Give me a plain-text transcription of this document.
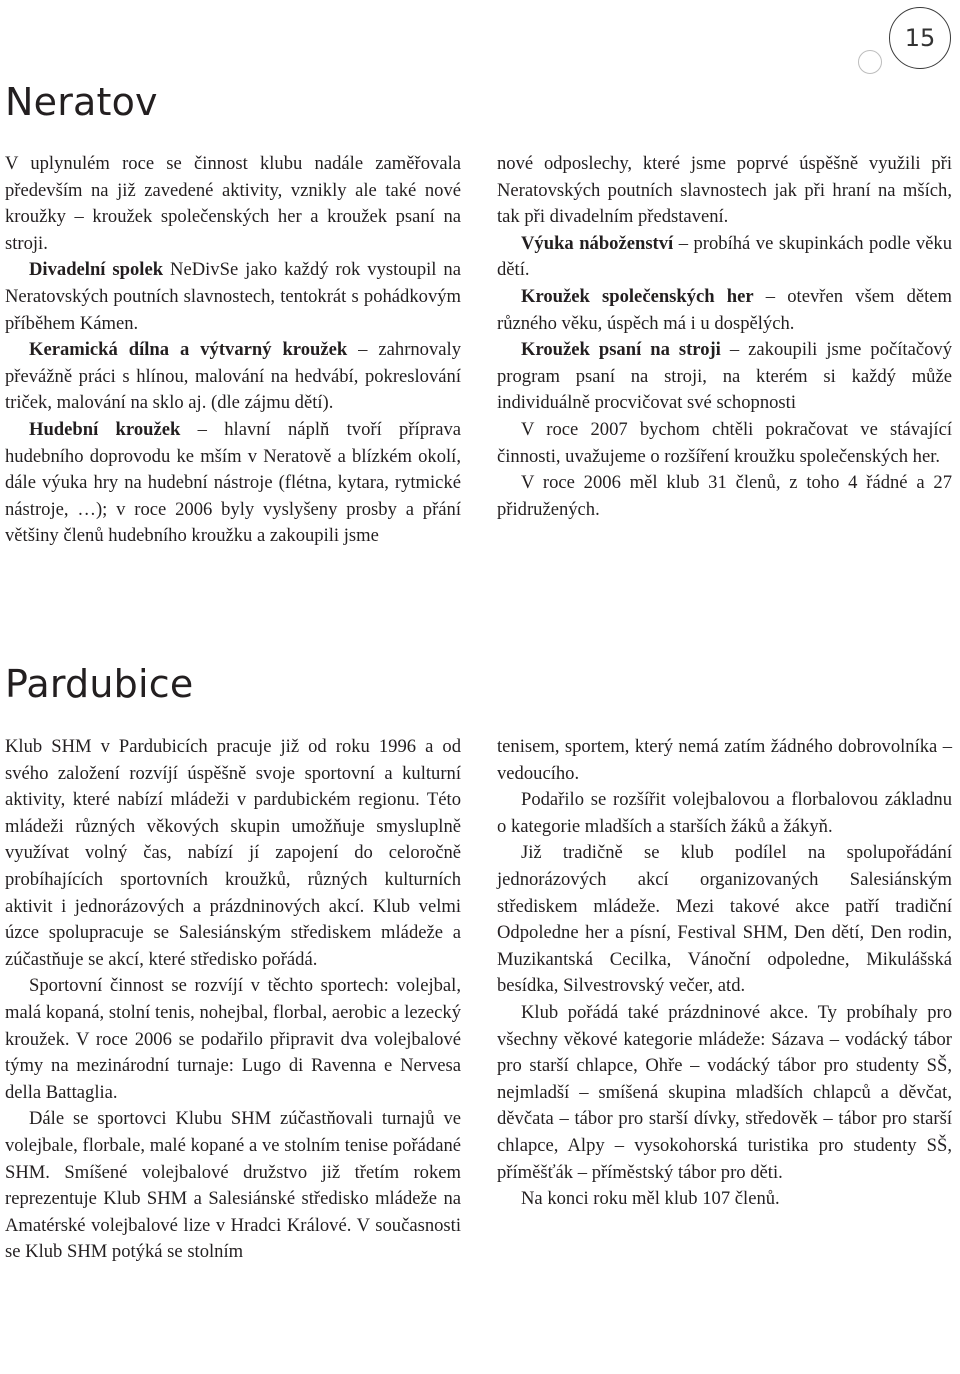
15
Neratov

V uplynulém roce se činnost klubu nadále zaměřovala především na již zavedené aktivity, vznikly ale také nové kroužky – kroužek společenských her a kroužek psaní na stroji.

Divadelní spolek NeDivSe jako každý rok vystoupil na Neratovských poutních slavnostech, tentokrát s pohádkovým příběhem Kámen.

Keramická dílna a výtvarný kroužek – zahrnovaly převážně práci s hlínou, malování na hedvábí, pokreslování triček, malování na sklo aj. (dle zájmu dětí).

Hudební kroužek – hlavní náplň tvoří příprava hudebního doprovodu ke mším v Neratově a blízkém okolí, dále výuka hry na hudební nástroje (flétna, kytara, rytmické nástroje, …); v roce 2006 byly vyslyšeny prosby a přání většiny členů hudebního kroužku a zakoupili jsme

nové odposlechy, které jsme poprvé úspěšně využili při Neratovských poutních slavnostech jak při hraní na mších, tak při divadelním představení.

Výuka náboženství – probíhá ve skupinkách podle věku dětí.

Kroužek společenských her – otevřen všem dětem různého věku, úspěch má i u dospělých.

Kroužek psaní na stroji – zakoupili jsme počítačový program psaní na stroji, na kterém si každý může individuálně procvičovat své schopnosti

V roce 2007 bychom chtěli pokračovat ve stávající činnosti, uvažujeme o rozšíření kroužku společenských her.

V roce 2006 měl klub 31 členů, z toho 4 řádné a 27 přidružených.

Pardubice

Klub SHM v Pardubicích pracuje již od roku 1996 a od svého založení rozvíjí úspěšně svoje sportovní a kulturní aktivity, které nabízí mládeži v pardubickém regionu. Této mládeži různých věkových skupin umožňuje smysluplně využívat volný čas, nabízí jí zapojení do celoročně probíhajících sportovních kroužků, různých kulturních aktivit i jednorázových a prázdninových akcí. Klub velmi úzce spolupracuje se Salesiánským střediskem mládeže a zúčastňuje se akcí, které středisko pořádá.

Sportovní činnost se rozvíjí v těchto sportech: volejbal, malá kopaná, stolní tenis, nohejbal, florbal, aerobic a lezecký kroužek. V roce 2006 se podařilo připravit dva volejbalové týmy na mezinárodní turnaje: Lugo di Ravenna e Nervesa della Battaglia.

Dále se sportovci Klubu SHM zúčastňovali turnajů ve volejbale, florbale, malé kopané a ve stolním tenise pořádané SHM. Smíšené volejbalové družstvo již třetím rokem reprezentuje Klub SHM a Salesiánské středisko mládeže na Amatérské volejbalové lize v Hradci Králové. V současnosti se Klub SHM potýká se stolním

tenisem, sportem, který nemá zatím žádného dobrovolníka – vedoucího.

Podařilo se rozšířit volejbalovou a florbalovou základnu o kategorie mladších a starších žáků a žákyň.

Již tradičně se klub podílel na spolupořádání jednorázových akcí organizovaných Salesiánským střediskem mládeže. Mezi takové akce patří tradiční Odpoledne her a písní, Festival SHM, Den dětí, Den rodin, Muzikantská Cecilka, Vánoční odpoledne, Mikulášská besídka, Silvestrovský večer, atd.

Klub pořádá také prázdninové akce. Ty probíhaly pro všechny věkové kategorie mládeže: Sázava – vodácký tábor pro starší chlapce, Ohře – vodácký tábor pro studenty SŠ, nejmladší – smíšená skupina mladších chlapců a děvčat, děvčata – tábor pro starší dívky, středověk – tábor pro starší chlapce, Alpy – vysokohorská turistika pro studenty SŠ, příměšťák – příměstský tábor pro děti.

Na konci roku měl klub 107 členů.
